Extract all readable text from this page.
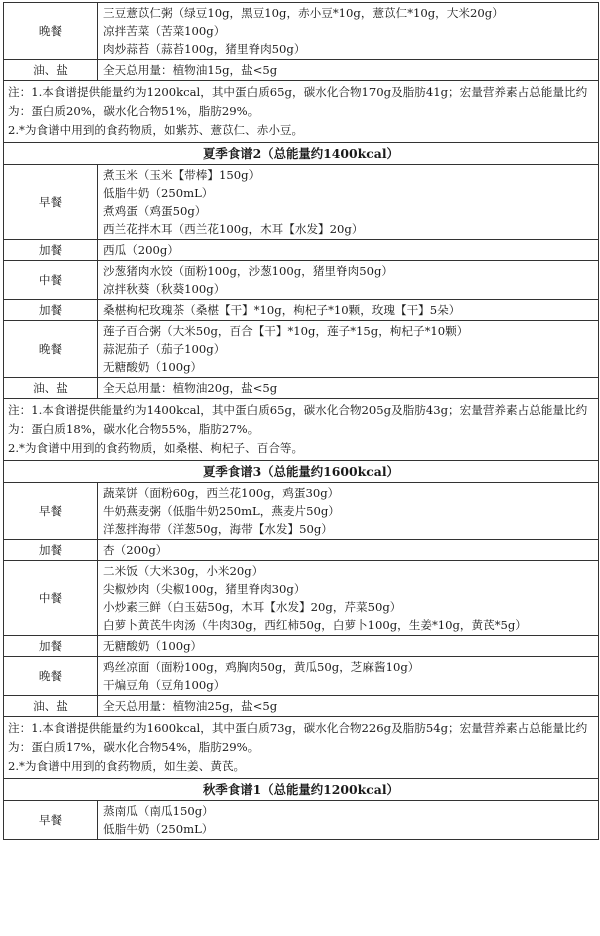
晚餐	三豆薏苡仁粥（绿豆10g，黑豆10g，赤小豆*10g，薏苡仁*10g，大米20g）
凉拌苦菜（苦菜100g）
肉炒蒜苔（蒜苔100g，猪里脊肉50g）

油、盐	全天总用量：植物油15g，盐<5g

注：1.本食谱提供能量约为1200kcal，其中蛋白质65g，碳水化合物170g及脂肪41g；宏量营养素占总能量比约为：蛋白质20%，碳水化合物51%，脂肪29%。
2.*为食谱中用到的食药物质，如紫苏、薏苡仁、赤小豆。	

夏季食谱2（总能量约1400kcal）	
早餐	煮玉米（玉米【带棒】150g）
低脂牛奶（250mL）
煮鸡蛋（鸡蛋50g）
西兰花拌木耳（西兰花100g，木耳【水发】20g）

加餐	西瓜（200g）

中餐	沙葱猪肉水饺（面粉100g，沙葱100g，猪里脊肉50g）
凉拌秋葵（秋葵100g）

加餐	桑椹枸杞玫瑰茶（桑椹【干】*10g，枸杞子*10颗，玫瑰【干】5朵）

晚餐	莲子百合粥（大米50g，百合【干】*10g，莲子*15g，枸杞子*10颗）
蒜泥茄子（茄子100g）
无糖酸奶（100g）

油、盐	全天总用量：植物油20g，盐<5g

注：1.本食谱提供能量约为1400kcal，其中蛋白质65g，碳水化合物205g及脂肪43g；宏量营养素占总能量比约为：蛋白质18%，碳水化合物55%，脂肪27%。
2.*为食谱中用到的食药物质，如桑椹、枸杞子、百合等。	

夏季食谱3（总能量约1600kcal）	
早餐	蔬菜饼（面粉60g，西兰花100g，鸡蛋30g）
牛奶燕麦粥（低脂牛奶250mL，燕麦片50g）
洋葱拌海带（洋葱50g，海带【水发】50g）

加餐	杏（200g）

中餐	二米饭（大米30g，小米20g）
尖椒炒肉（尖椒100g，猪里脊肉30g）
小炒素三鲜（白玉菇50g，木耳【水发】20g，芹菜50g）
白萝卜黄芪牛肉汤（牛肉30g，西红柿50g，白萝卜100g，生姜*10g，黄芪*5g）

加餐	无糖酸奶（100g）

晚餐	鸡丝凉面（面粉100g，鸡胸肉50g，黄瓜50g，芝麻酱10g）
干煸豆角（豆角100g）

油、盐	全天总用量：植物油25g，盐<5g

注：1.本食谱提供能量约为1600kcal，其中蛋白质73g，碳水化合物226g及脂肪54g；宏量营养素占总能量比约为：蛋白质17%，碳水化合物54%，脂肪29%。
2.*为食谱中用到的食药物质，如生姜、黄芪。	

秋季食谱1（总能量约1200kcal）	
早餐	蒸南瓜（南瓜150g）
低脂牛奶（250mL）
